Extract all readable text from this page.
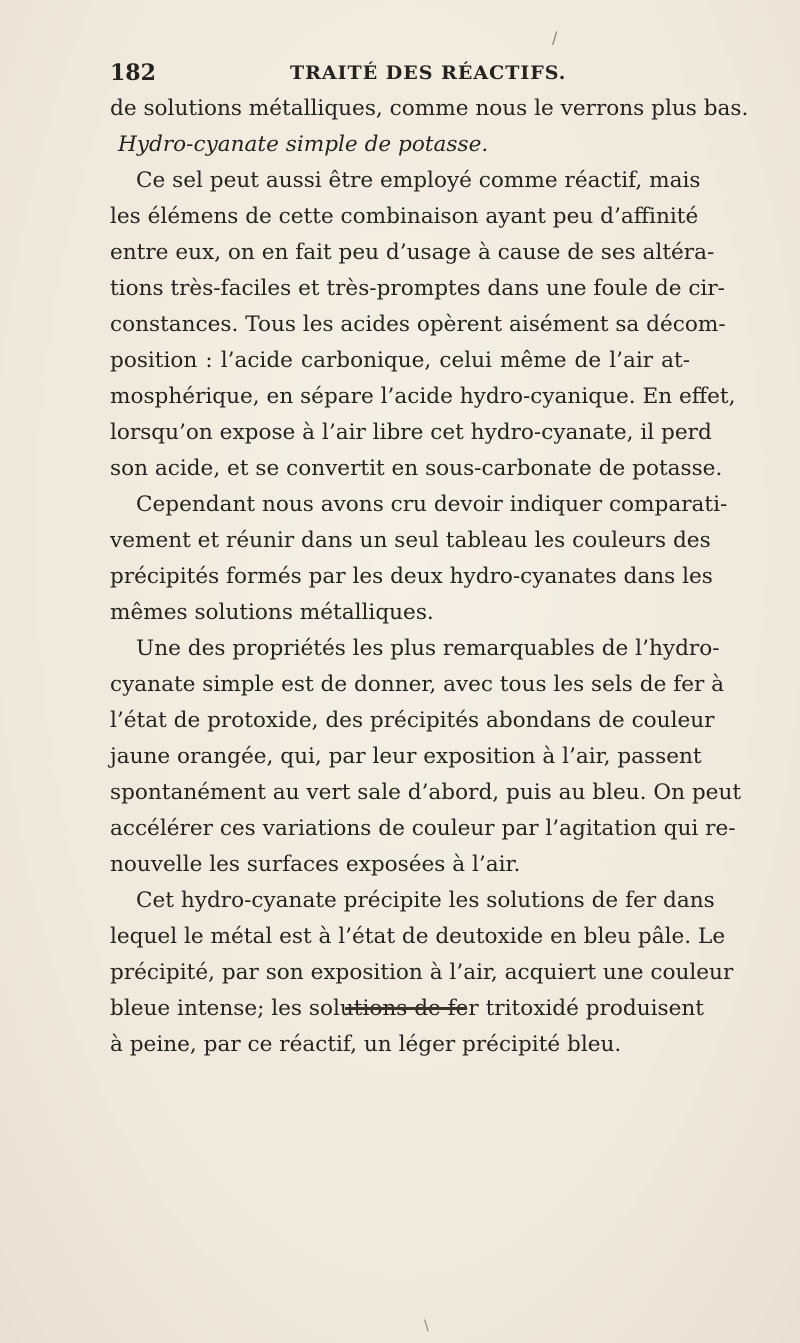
/
182	TRAITÉ DES RÉACTIFS.
de solutions métalliques, comme nous le verrons plus bas.
Hydro-cyanate simple de potasse.
Ce sel peut aussi être employé comme réactif, mais
les élémens de cette combinaison ayant peu d’affinité
entre eux, on en fait peu d’usage à cause de ses altéra-
tions très-faciles et très-promptes dans une foule de cir-
constances. Tous les acides opèrent aisément sa décom-
position : l’acide carbonique, celui même de l’air at-
mosphérique, en sépare l’acide hydro-cyanique. En effet,
lorsqu’on expose à l’air libre cet hydro-cyanate, il perd
son acide, et se convertit en sous-carbonate de potasse.
Cependant nous avons cru devoir indiquer comparati-
vement et réunir dans un seul tableau les couleurs des
précipités formés par les deux hydro-cyanates dans les
mêmes solutions métalliques.
Une des propriétés les plus remarquables de l’hydro-
cyanate simple est de donner, avec tous les sels de fer à
l’état de protoxide, des précipités abondans de couleur
jaune orangée, qui, par leur exposition à l’air, passent
spontanément au vert sale d’abord, puis au bleu. On peut
accélérer ces variations de couleur par l’agitation qui re-
nouvelle les surfaces exposées à l’air.
Cet hydro-cyanate précipite les solutions de fer dans
lequel le métal est à l’état de deutoxide en bleu pâle. Le
précipité, par son exposition à l’air, acquiert une couleur
bleue intense; les solutions de fer tritoxidé produisent
à peine, par ce réactif, un léger précipité bleu.
\
